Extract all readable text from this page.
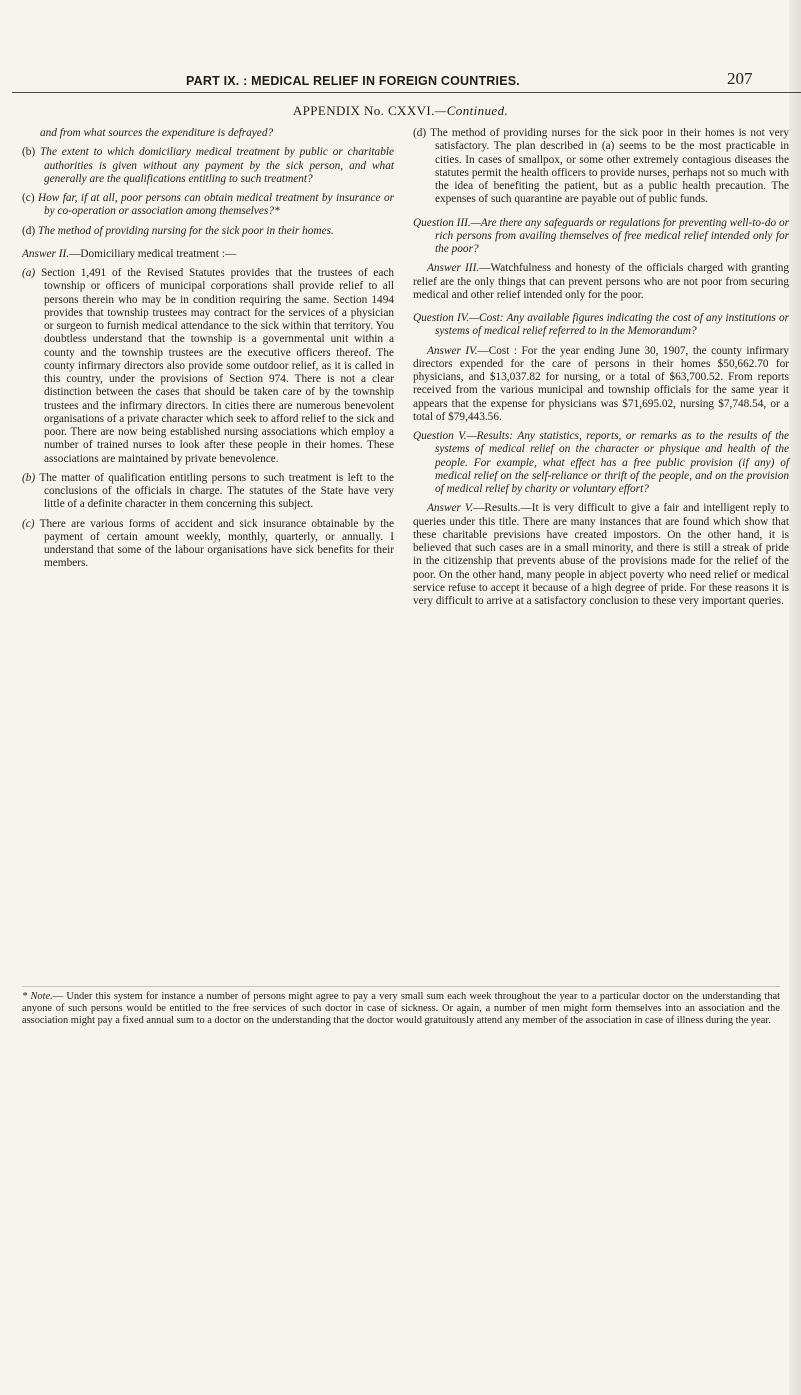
PART IX. : MEDICAL RELIEF IN FOREIGN COUNTRIES.	207
APPENDIX No. CXXVI.—Continued.

and from what sources the expenditure is defrayed?

(b) The extent to which domiciliary medical treatment by public or charitable authorities is given without any payment by the sick person, and what generally are the qualifications entitling to such treatment?

(c) How far, if at all, poor persons can obtain medical treatment by insurance or by co-operation or association among themselves?*

(d) The method of providing nursing for the sick poor in their homes.

Answer II.—Domiciliary medical treatment :—

(a) Section 1,491 of the Revised Statutes provides that the trustees of each township or officers of municipal corporations shall provide relief to all persons therein who may be in condition requiring the same. Section 1494 provides that township trustees may contract for the services of a physician or surgeon to furnish medical attendance to the sick within that territory. You doubtless understand that the township is a governmental unit within a county and the township trustees are the executive officers thereof. The county infirmary directors also provide some outdoor relief, as it is called in this country, under the provisions of Section 974. There is not a clear distinction between the cases that should be taken care of by the township trustees and the infirmary directors. In cities there are numerous benevolent organisations of a private character which seek to afford relief to the sick and poor. There are now being established nursing associations which employ a number of trained nurses to look after these people in their homes. These associations are maintained by private benevolence.

(b) The matter of qualification entitling persons to such treatment is left to the conclusions of the officials in charge. The statutes of the State have very little of a definite character in them concerning this subject.

(c) There are various forms of accident and sick insurance obtainable by the payment of certain amount weekly, monthly, quarterly, or annually. I understand that some of the labour organisations have sick benefits for their members.

(d) The method of providing nurses for the sick poor in their homes is not very satisfactory. The plan described in (a) seems to be the most practicable in cities. In cases of smallpox, or some other extremely contagious diseases the statutes permit the health officers to provide nurses, perhaps not so much with the idea of benefiting the patient, but as a public health precaution. The expenses of such quarantine are payable out of public funds.

Question III.—Are there any safeguards or regulations for preventing well-to-do or rich persons from availing themselves of free medical relief intended only for the poor?

Answer III.—Watchfulness and honesty of the officials charged with granting relief are the only things that can prevent persons who are not poor from securing medical and other relief intended only for the poor.

Question IV.—Cost: Any available figures indicating the cost of any institutions or systems of medical relief referred to in the Memorandum?

Answer IV.—Cost : For the year ending June 30, 1907, the county infirmary directors expended for the care of persons in their homes $50,662.70 for physicians, and $13,037.82 for nursing, or a total of $63,700.52. From reports received from the various municipal and township officials for the same year it appears that the expense for physicians was $71,695.02, nursing $7,748.54, or a total of $79,443.56.

Question V.—Results: Any statistics, reports, or remarks as to the results of the systems of medical relief on the character or physique and health of the people. For example, what effect has a free public provision (if any) of medical relief on the self-reliance or thrift of the people, and on the provision of medical relief by charity or voluntary effort?

Answer V.—Results.—It is very difficult to give a fair and intelligent reply to queries under this title. There are many instances that are found which show that these charitable previsions have created impostors. On the other hand, it is believed that such cases are in a small minority, and there is still a streak of pride in the citizenship that prevents abuse of the provisions made for the relief of the poor. On the other hand, many people in abject poverty who need relief or medical service refuse to accept it because of a high degree of pride. For these reasons it is very difficult to arrive at a satisfactory conclusion to these very important queries.

* Note.— Under this system for instance a number of persons might agree to pay a very small sum each week throughout the year to a particular doctor on the understanding that anyone of such persons would be entitled to the free services of such doctor in case of sickness. Or again, a number of men might form themselves into an association and the association might pay a fixed annual sum to a doctor on the understanding that the doctor would gratuitously attend any member of the association in case of illness during the year.
